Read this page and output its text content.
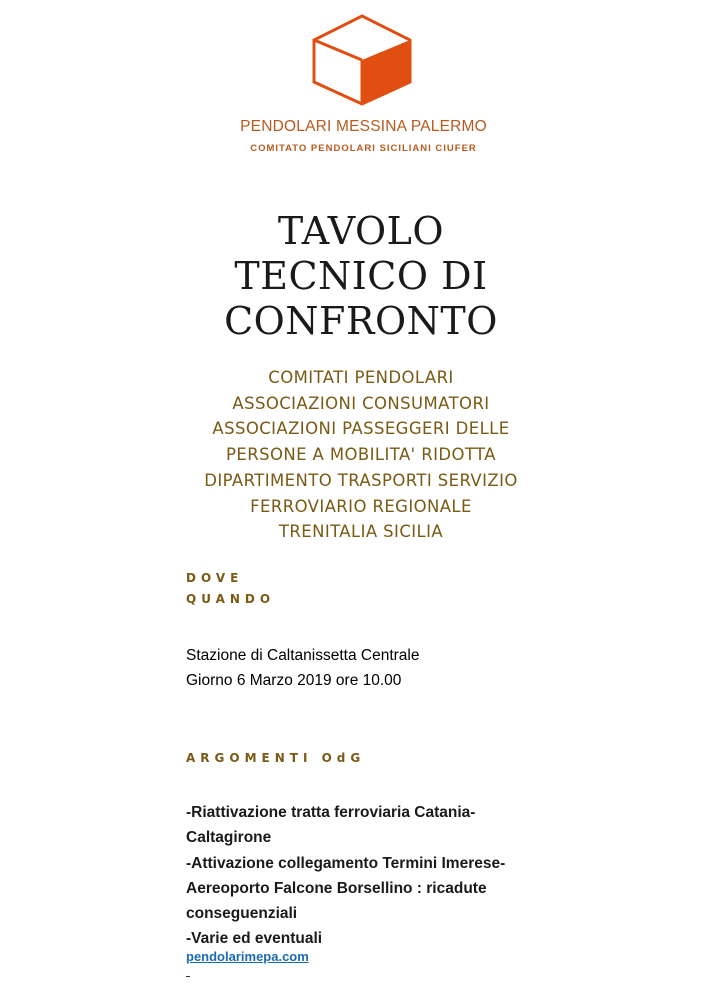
PENDOLARI MESSINA PALERMO
COMITATO PENDOLARI SICILIANI CIUFER
TAVOLO
TECNICO DI
CONFRONTO
COMITATI PENDOLARI
ASSOCIAZIONI CONSUMATORI
ASSOCIAZIONI PASSEGGERI DELLE
PERSONE A MOBILITA' RIDOTTA
DIPARTIMENTO TRASPORTI SERVIZIO
FERROVIARIO REGIONALE
TRENITALIA SICILIA
DOVE
QUANDO
Stazione di Caltanissetta Centrale
Giorno 6 Marzo 2019 ore 10.00
ARGOMENTI OdG
-Riattivazione tratta ferroviaria Catania-
Caltagirone
-Attivazione collegamento Termini Imerese-
Aereoporto Falcone Borsellino : ricadute
conseguenziali
-Varie ed eventuali
pendolarimepa.com
